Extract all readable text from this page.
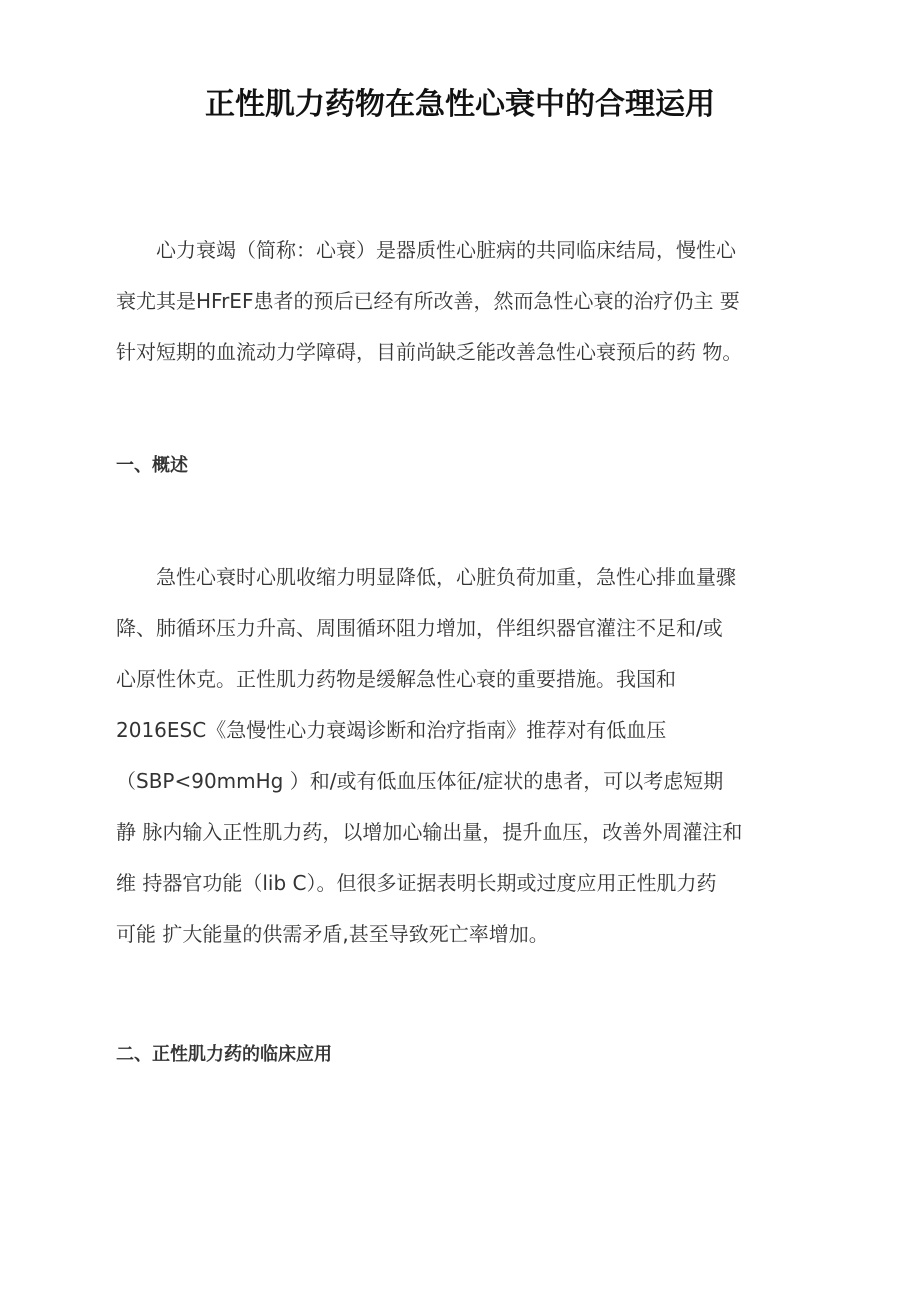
正性肌力药物在急性心衰中的合理运用
心力衰竭（简称：心衰）是器质性心脏病的共同临床结局，慢性心
衰尤其是HFrEF患者的预后已经有所改善，然而急性心衰的治疗仍主 要
针对短期的血流动力学障碍，目前尚缺乏能改善急性心衰预后的药 物。
一、概述
急性心衰时心肌收缩力明显降低，心脏负荷加重，急性心排血量骤
降、肺循环压力升高、周围循环阻力增加，伴组织器官灌注不足和/或
心原性休克。正性肌力药物是缓解急性心衰的重要措施。我国和
2016ESC《急慢性心力衰竭诊断和治疗指南》推荐对有低血压
（SBP<90mmHg ）和/或有低血压体征/症状的患者，可以考虑短期
静 脉内输入正性肌力药，以增加心输出量，提升血压，改善外周灌注和
维 持器官功能（lib C）。但很多证据表明长期或过度应用正性肌力药
可能 扩大能量的供需矛盾,甚至导致死亡率增加。
二、正性肌力药的临床应用
